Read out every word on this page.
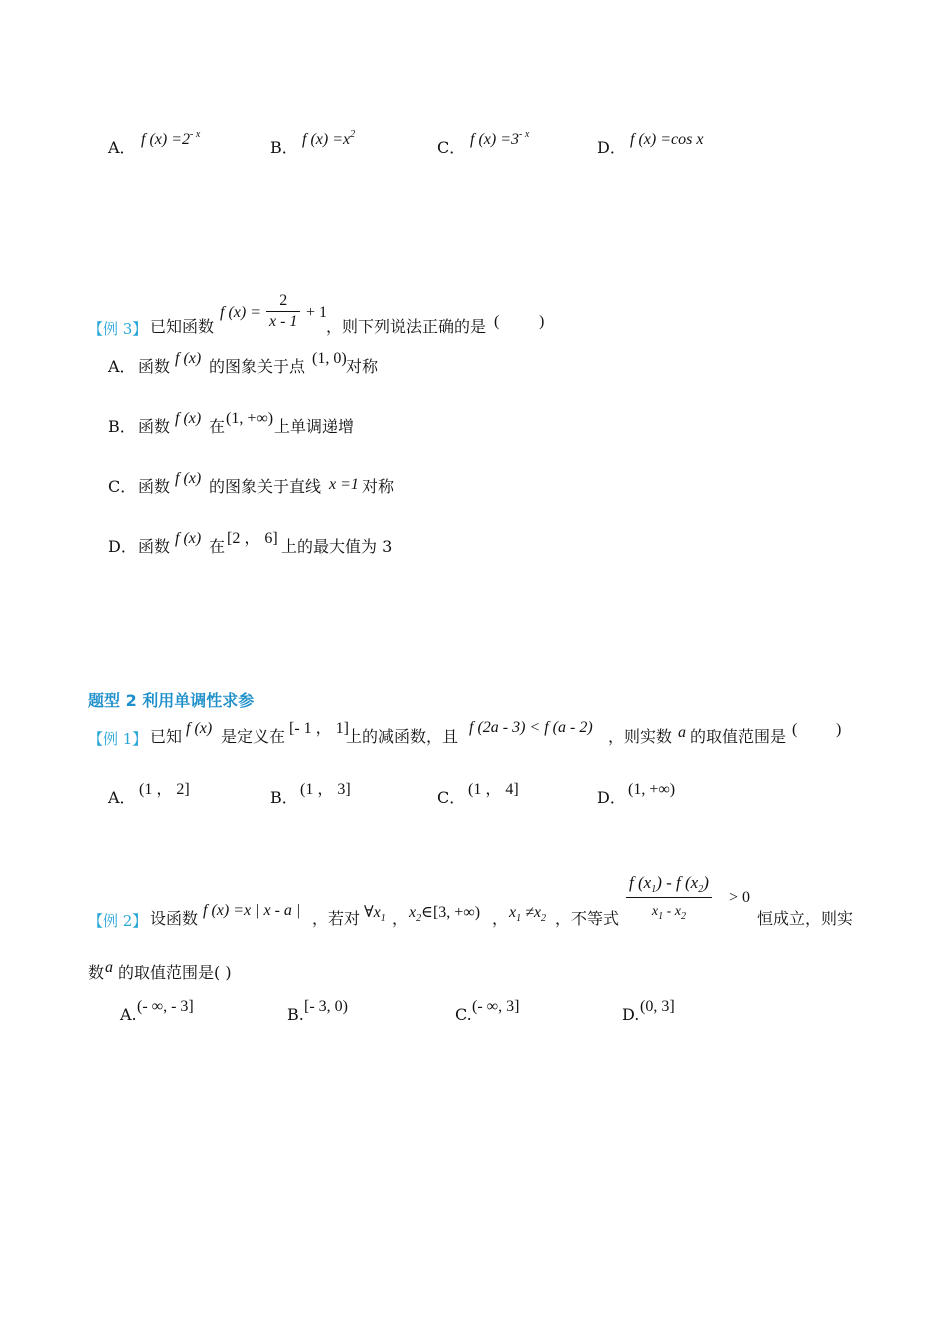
A． f $(x) =2^{- x}$
B． f $(x) =x^2$
C． f $(x) =3^{- x}$
D． f (x) =cos x
【例 3】 已知函数
f $(x) = \frac{2}{x - 1} + 1$
，则下列说法正确的是 ( )
A． 函数 f (x) 的图象关于点 (1, 0) 对称
B． 函数 f (x) 在 (1, +∞) 上单调递增
C． 函数 f (x) 的图象关于直线 x =1 对称
D． 函数 f (x) 在 [2 ， 6] 上的最大值为 3
题型 2 利用单调性求参
【例 1】 已知 f (x) 是定义在 [- 1 ， 1]
上的减函数，且 f (2a - 3) < f (a - 2) ，则实数 a 的取值范围是 ( )
A． (1 ， 2]	B． (1 ， 3]	C． (1 ， 4]	D． (1, +∞)
【例 2】 设函数 f (x) =x | x - a | ，若对 $\forall x_1$ ， $x_2\in[3$, +∞) ， $x_1 \ne x_2$ ，不等式
f $(x_1)$ - f $(x_2)$
$x_1 - x_2$
> 0
恒成立，则实
数 a 的取值范围是( )
A. (- ∞, - 3]	B. [- 3, 0)	C. (- ∞, 3]	D. (0, 3]
